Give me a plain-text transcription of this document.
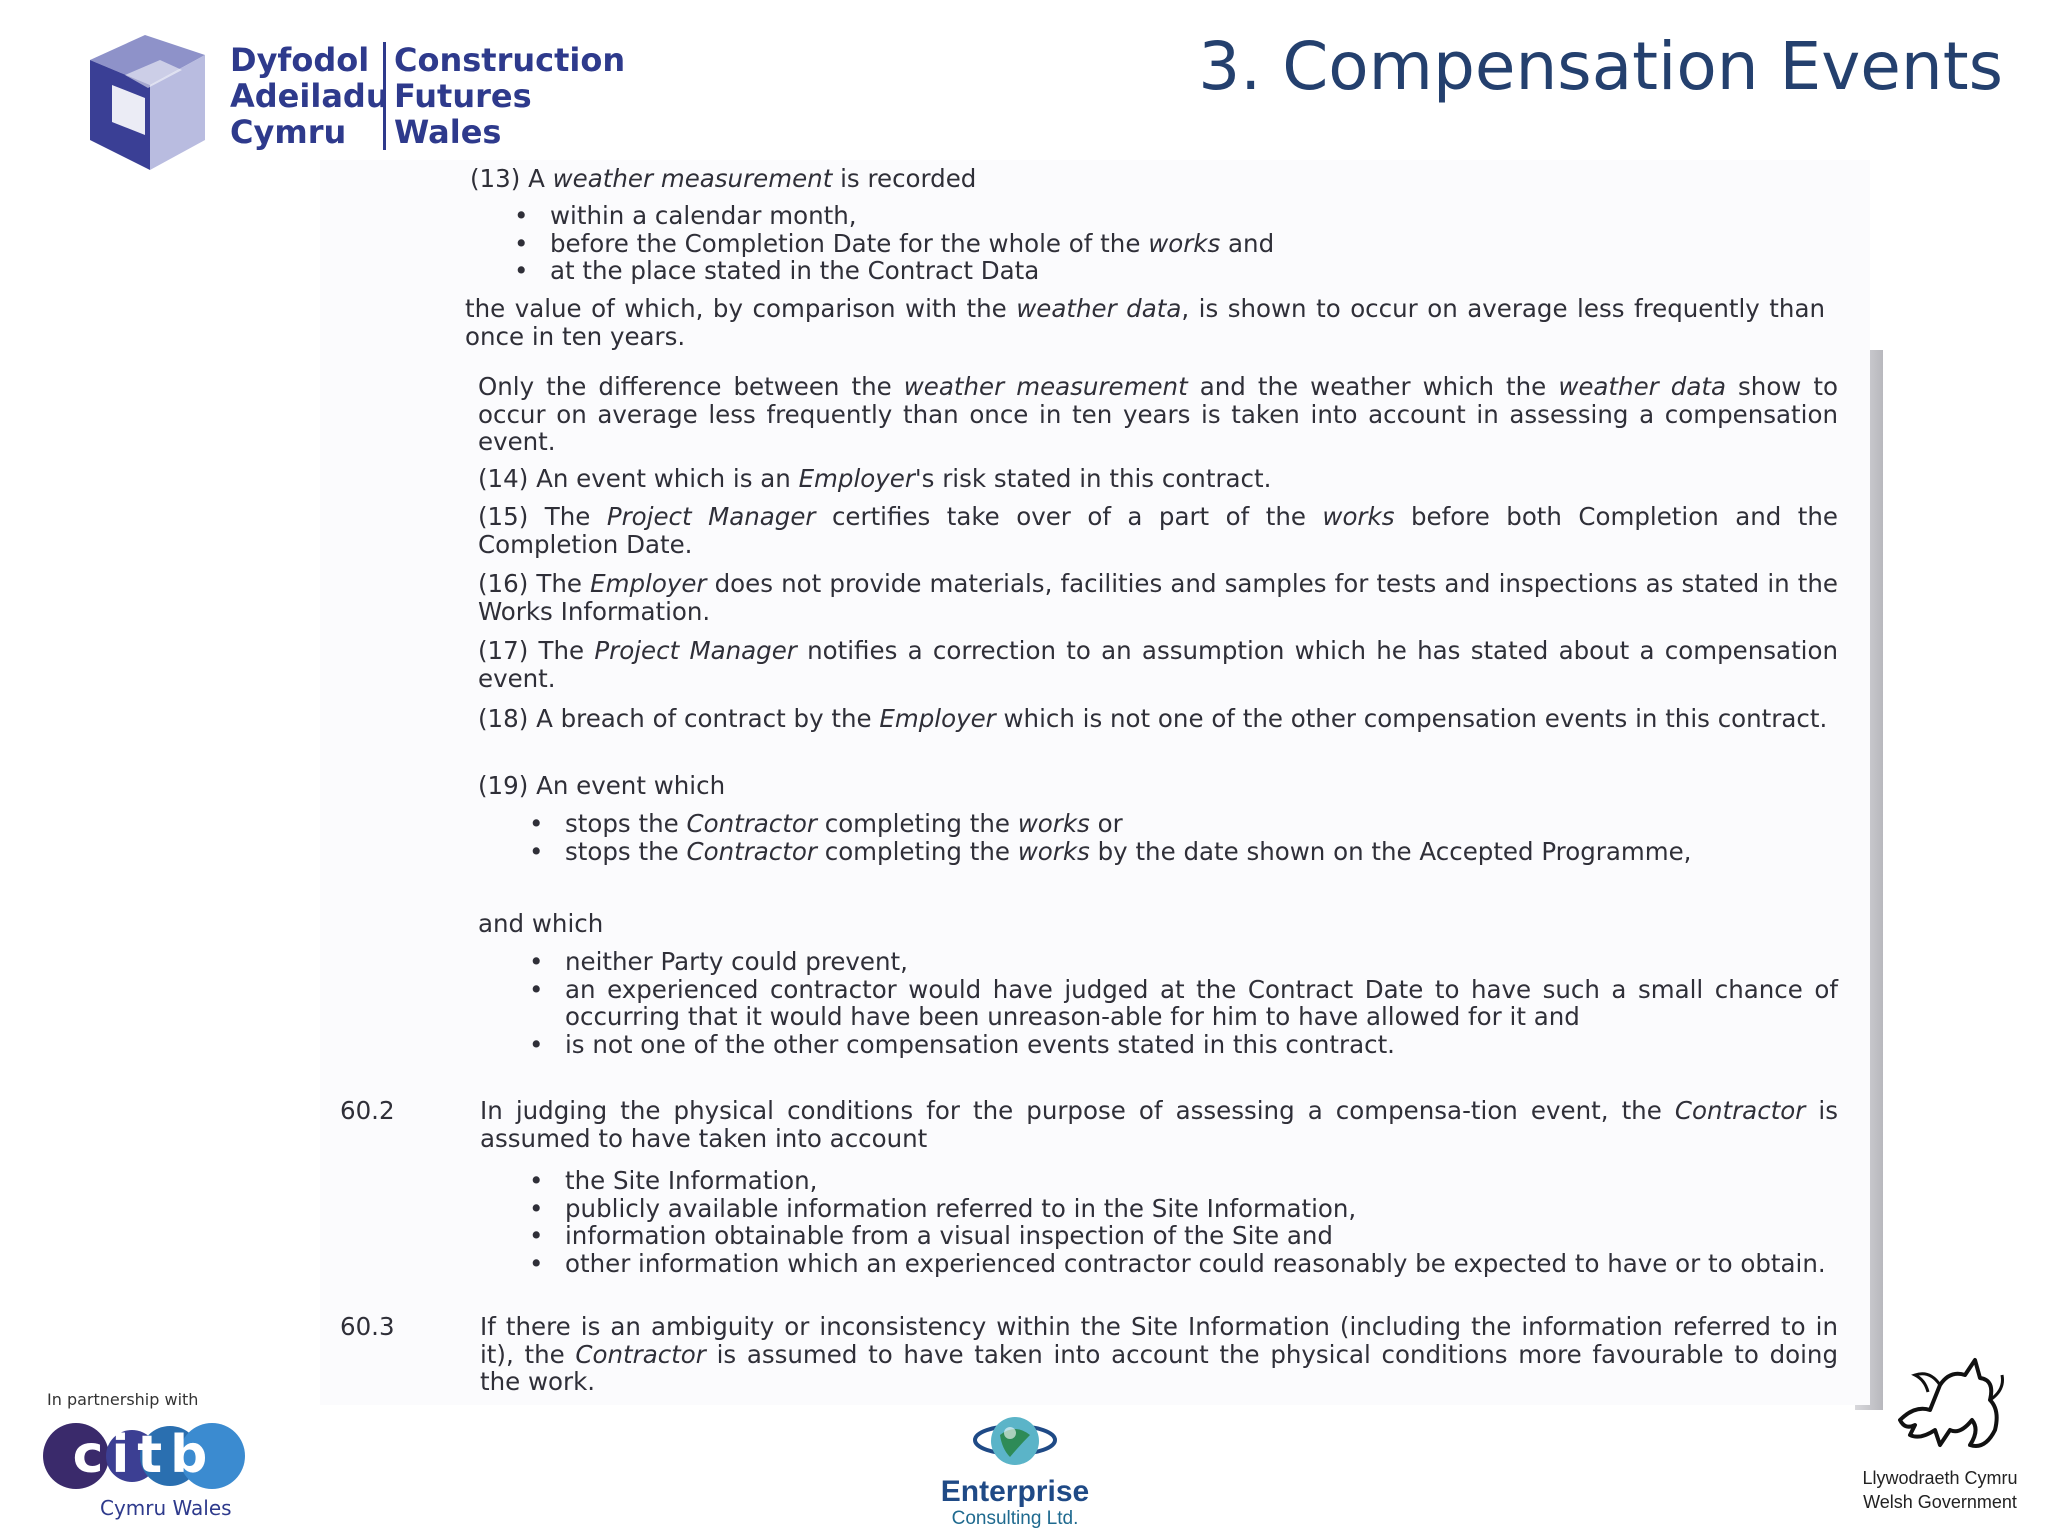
Dyfodol
Adeiladu
Cymru
Construction
Futures
Wales
3. Compensation Events

(13) A weather measurement is recorded

• within a calendar month,
• before the Completion Date for the whole of the works and
• at the place stated in the Contract Data

the value of which, by comparison with the weather data, is shown to occur on average less frequently than once in ten years.

Only the difference between the weather measurement and the weather which the weather data show to occur on average less frequently than once in ten years is taken into account in assessing a compensation event.

(14) An event which is an Employer's risk stated in this contract.

(15) The Project Manager certifies take over of a part of the works before both Completion and the Completion Date.

(16) The Employer does not provide materials, facilities and samples for tests and inspections as stated in the Works Information.

(17) The Project Manager notifies a correction to an assumption which he has stated about a compensation event.

(18) A breach of contract by the Employer which is not one of the other compensation events in this contract.

(19) An event which

• stops the Contractor completing the works or
• stops the Contractor completing the works by the date shown on the Accepted Programme,

and which

• neither Party could prevent,
• an experienced contractor would have judged at the Contract Date to have such a small chance of occurring that it would have been unreason-able for him to have allowed for it and
• is not one of the other compensation events stated in this contract.

60.2	In judging the physical conditions for the purpose of assessing a compensa-tion event, the Contractor is assumed to have taken into account

• the Site Information,
• publicly available information referred to in the Site Information,
• information obtainable from a visual inspection of the Site and
• other information which an experienced contractor could reasonably be expected to have or to obtain.

60.3	If there is an ambiguity or inconsistency within the Site Information (including the information referred to in it), the Contractor is assumed to have taken into account the physical conditions more favourable to doing the work.

In partnership with
citb
Cymru Wales	Enterprise
Consulting Ltd.
Llywodraeth Cymru
Welsh Government
